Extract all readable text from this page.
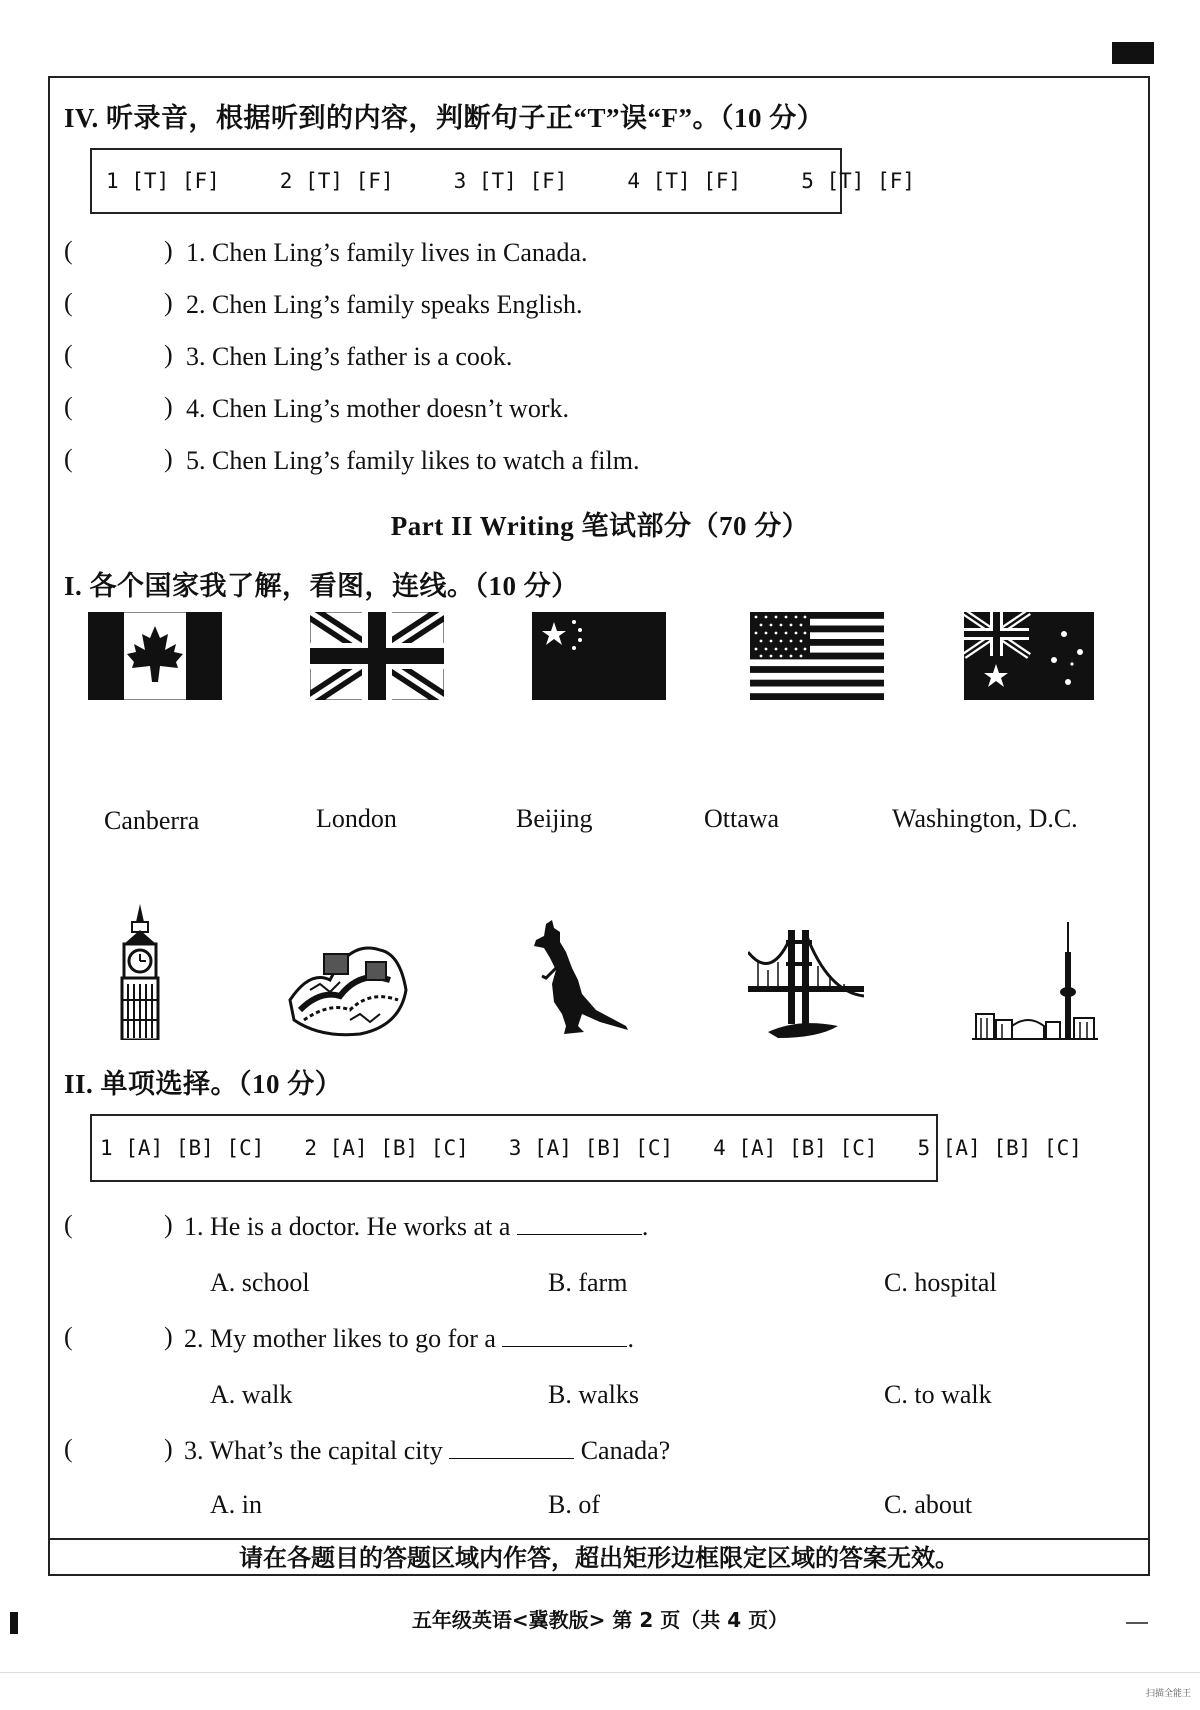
IV. 听录音，根据听到的内容，判断句子正“T”误“F”。（10 分）
1 [T] [F]	2 [T] [F]	3 [T] [F]	4 [T] [F]	5 [T] [F]
(	) 1. Chen Ling’s family lives in Canada.
(	) 2. Chen Ling’s family speaks English.
(	) 3. Chen Ling’s father is a cook.
(	) 4. Chen Ling’s mother doesn’t work.
(	) 5. Chen Ling’s family likes to watch a film.
Part II Writing 笔试部分（70 分）
I. 各个国家我了解，看图，连线。（10 分）
Canberra	London	Beijing	Ottawa	Washington, D.C.
II. 单项选择。（10 分）
1 [A] [B] [C] 2 [A] [B] [C] 3 [A] [B] [C] 4 [A] [B] [C] 5 [A] [B] [C]
(	) 1. He is a doctor. He works at a	.
A. school	B. farm	C. hospital
(	) 2. My mother likes to go for a	.
A. walk	B. walks	C. to walk
(	) 3. What’s the capital city	Canada?
A. in	B. of	C. about
请在各题目的答题区域内作答，超出矩形边框限定区域的答案无效。
五年级英语<冀教版> 第 2 页（共 4 页）
扫描全能王
